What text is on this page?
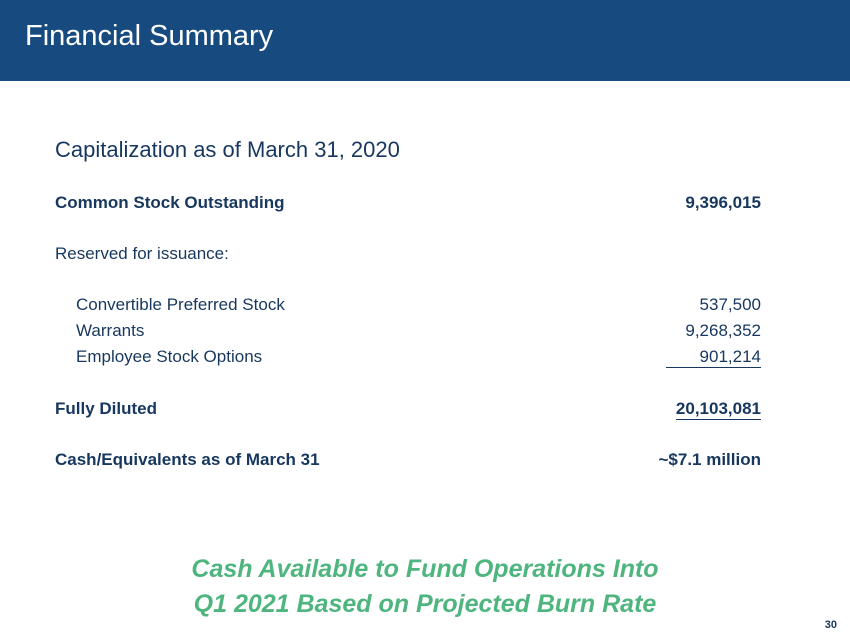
Financial Summary
Capitalization as of March 31, 2020
Common Stock Outstanding	9,396,015
Reserved for issuance:
Convertible Preferred Stock	537,500
Warrants	9,268,352
Employee Stock Options	901,214
Fully Diluted	20,103,081
Cash/Equivalents as of March 31	~$7.1 million
Cash Available to Fund Operations Into
Q1 2021 Based on Projected Burn Rate
30
